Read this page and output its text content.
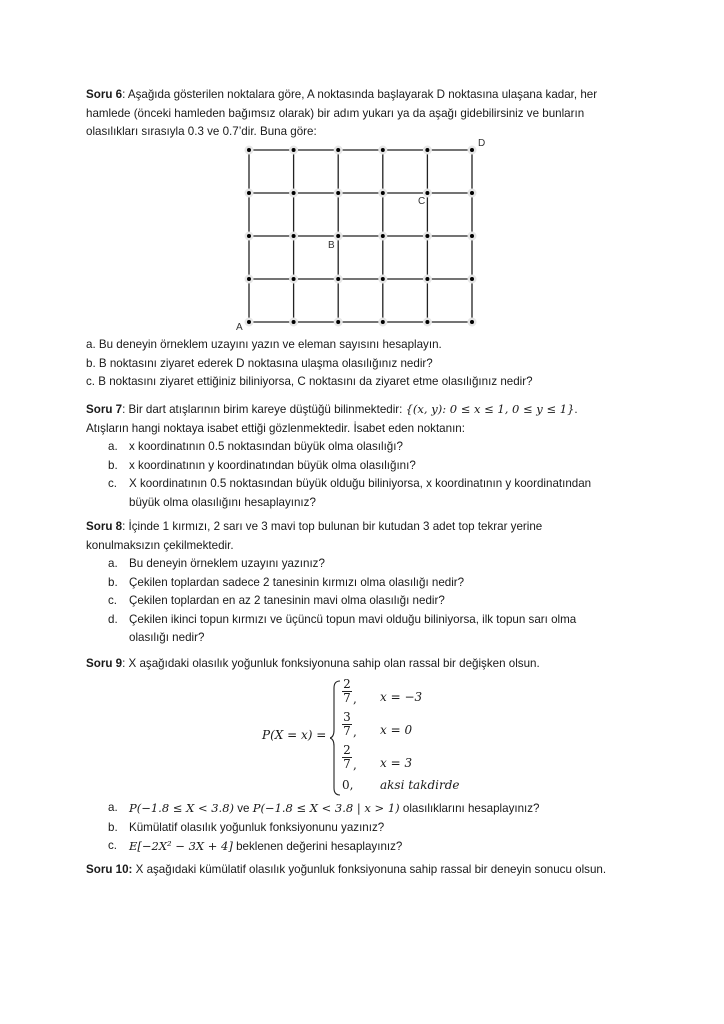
Soru 6: Aşağıda gösterilen noktalara göre, A noktasında başlayarak D noktasına ulaşana kadar, her

hamlede (önceki hamleden bağımsız olarak) bir adım yukarı ya da aşağı gidebilirsiniz ve bunların

olasılıkları sırasıyla 0.3 ve 0.7’dir. Buna göre:

A
B
C
D

a. Bu deneyin örneklem uzayını yazın ve eleman sayısını hesaplayın.

b. B noktasını ziyaret ederek D noktasına ulaşma olasılığınız nedir?

c. B noktasını ziyaret ettiğiniz biliniyorsa, C noktasını da ziyaret etme olasılığınız nedir?

Soru 7: Bir dart atışlarının birim kareye düştüğü bilinmektedir: {(x, y): 0 ≤ x ≤ 1, 0 ≤ y ≤ 1}.

Atışların hangi noktaya isabet ettiği gözlenmektedir. İsabet eden noktanın:

a. x koordinatının 0.5 noktasından büyük olma olasılığı?
b. x koordinatının y koordinatından büyük olma olasılığını?
c. X koordinatının 0.5 noktasından büyük olduğu biliniyorsa, x koordinatının y koordinatından
büyük olma olasılığını hesaplayınız?

Soru 8: İçinde 1 kırmızı, 2 sarı ve 3 mavi top bulunan bir kutudan 3 adet top tekrar yerine

konulmaksızın çekilmektedir.

a. Bu deneyin örneklem uzayını yazınız?
b. Çekilen toplardan sadece 2 tanesinin kırmızı olma olasılığı nedir?
c. Çekilen toplardan en az 2 tanesinin mavi olma olasılığı nedir?
d. Çekilen ikinci topun kırmızı ve üçüncü topun mavi olduğu biliniyorsa, ilk topun sarı olma
olasılığı nedir?

Soru 9: X aşağıdaki olasılık yoğunluk fonksiyonuna sahip olan rassal bir değişken olsun.

P(X = x) =
2
7 , x = −3
3
7 , x = 0
2
7 , x = 3
0, aksi takdirde
a. P(−1.8 ≤ X < 3.8) ve P(−1.8 ≤ X < 3.8 | x > 1) olasılıklarını hesaplayınız?
b. Kümülatif olasılık yoğunluk fonksiyonunu yazınız?
c. E[−2X² − 3X + 4] beklenen değerini hesaplayınız?

Soru 10: X aşağıdaki kümülatif olasılık yoğunluk fonksiyonuna sahip rassal bir deneyin sonucu olsun.
